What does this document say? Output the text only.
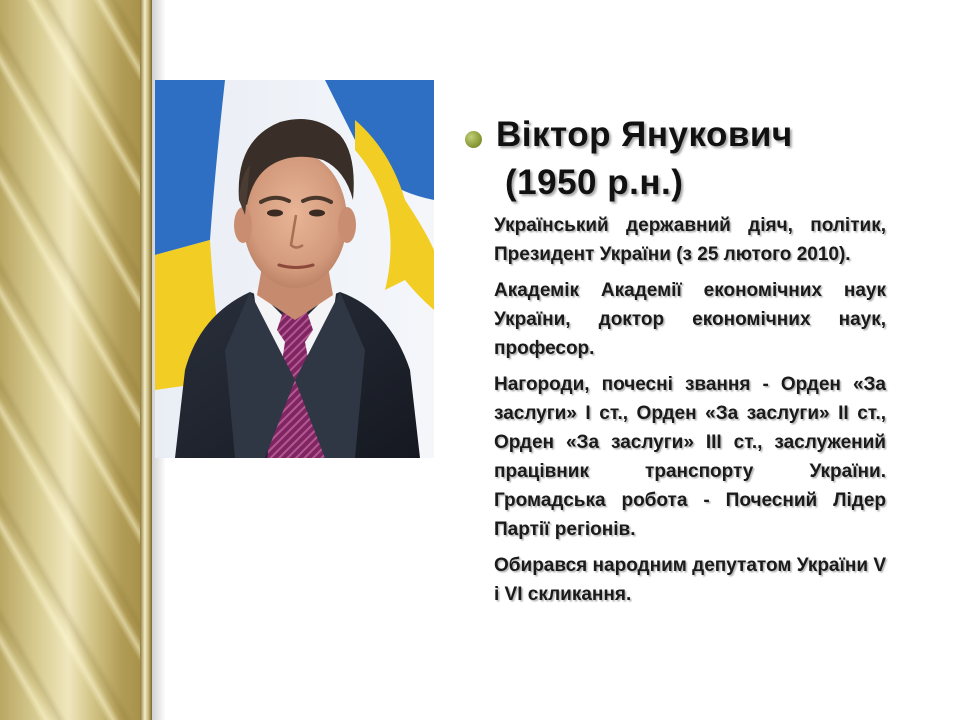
Віктор Янукович
(1950 р.н.)

Український державний діяч, політик, Президент України (з 25 лютого 2010).

Академік Академії економічних наук України, доктор економічних наук, професор.

Нагороди, почесні звання - Орден «За заслуги» I ст., Орден «За заслуги» II ст., Орден «За заслуги» III ст., заслужений працівник транспорту України. Громадська робота - Почесний Лідер Партії регіонів.

Обирався народним депутатом України V і VI скликання.
